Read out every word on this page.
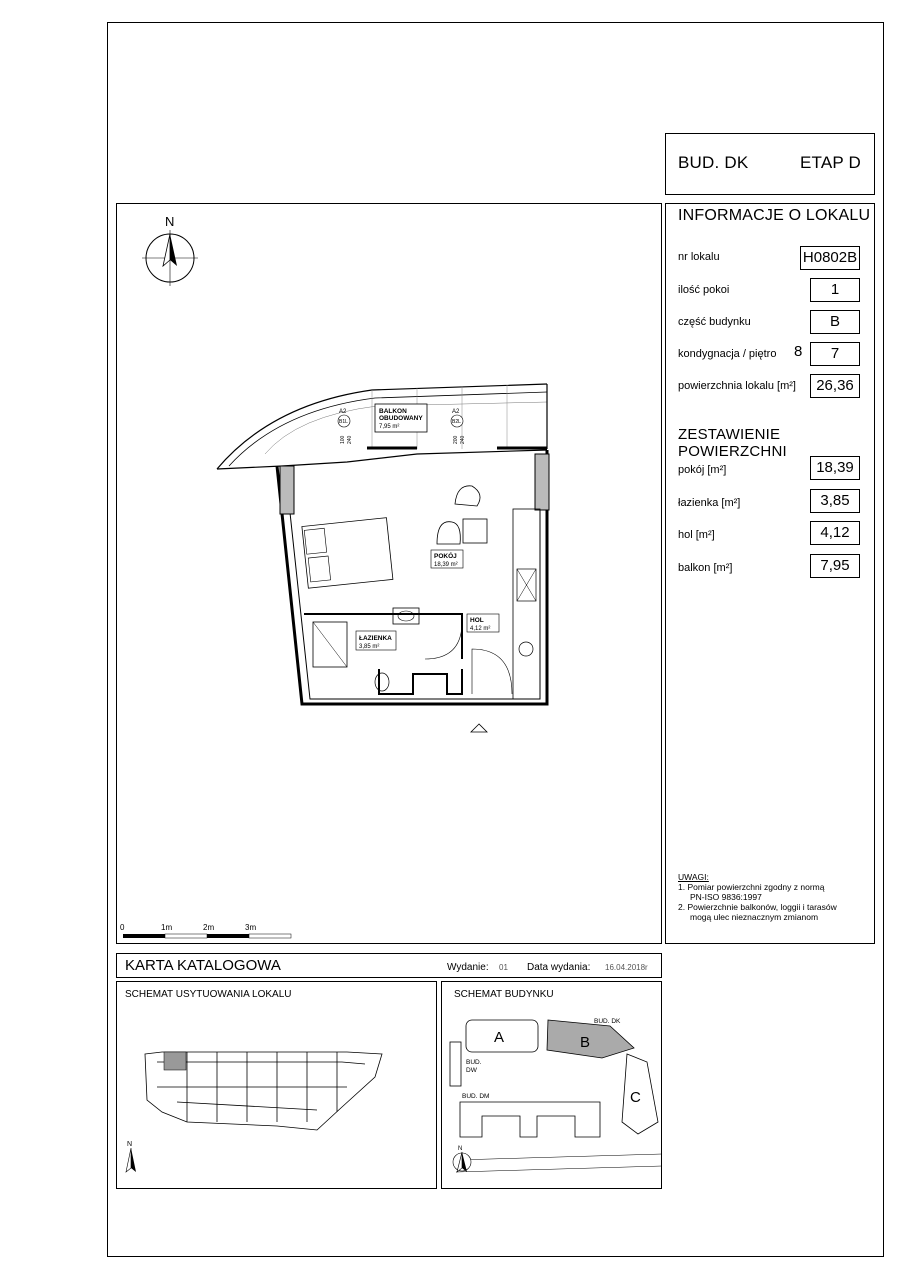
BUD. DK	ETAP D
INFORMACJE O LOKALU
nr lokalu	H0802B
ilość pokoi	1
część budynku	B
kondygnacja / piętro 8	7
powierzchnia lokalu [m²]	26,36
ZESTAWIENIE POWIERZCHNI
pokój [m²]	18,39
łazienka [m²]	3,85
hol [m²]	4,12
balkon [m²]	7,95
UWAGI:
1. Pomiar powierzchni zgodny z normą
PN-ISO 9836:1997
2. Powierzchnie balkonów, loggii i tarasów
mogą ulec nieznacznym zmianom
N
BALKON
OBUDOWANY
7,95 m²
A2
B1L
A2
B2L
100 240	200 240
POKÓJ
18,39 m²
HOL
4,12 m²
ŁAZIENKA
3,85 m²
0	1m	2m	3m
KARTA KATALOGOWA	Wydanie: 01 Data wydania: 16.04.2018r
SCHEMAT USYTUOWANIA LOKALU
N
SCHEMAT BUDYNKU
A	B
C
BUD. DK
BUD.
DW
BUD. DM
N
